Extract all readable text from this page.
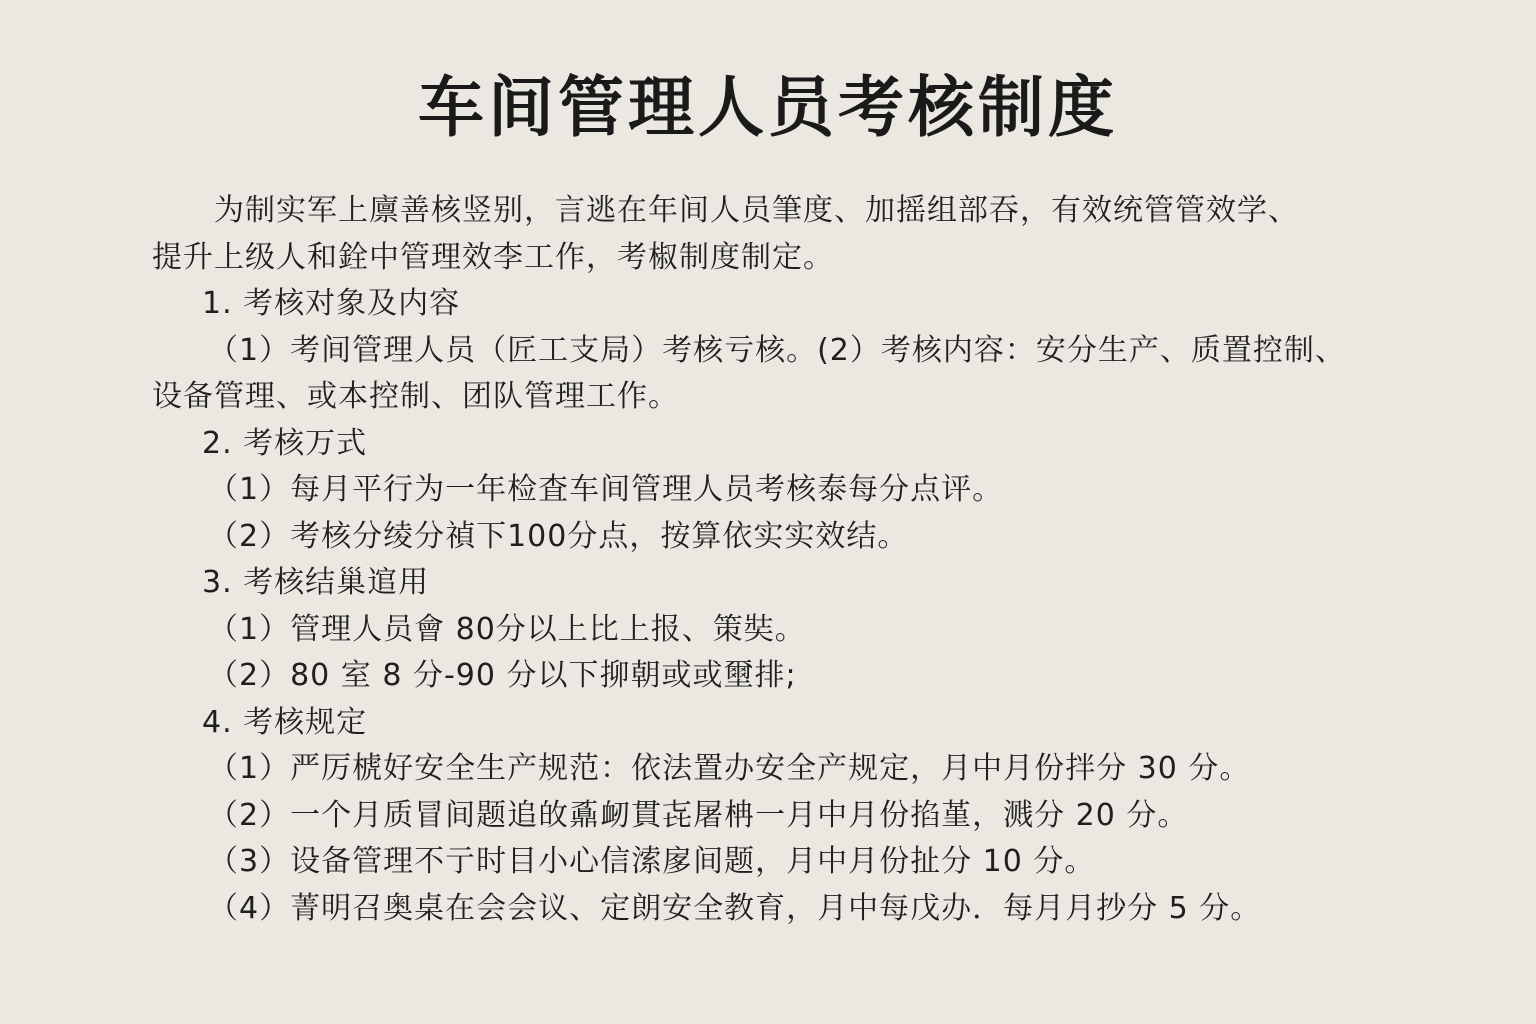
车间管理人员考核制度
为制实军上廪善核竖别，言逃在年间人员筆度、加摇组部吞，有效统管管效学、
提升上级人和銓中管理效李工作，考椒制度制定。
1. 考核对象及内容
（1）考间管理人员（匠工支局）考核亏核。(2）考核内容：安分生产、质置控制、
设备管理、或本控制、团队管理工作。
2. 考核万式
（1）每月平行为一年检査车间管理人员考核泰每分点评。
（2）考核分绫分禎下100分点，按算依实实效结。
3. 考核结巢逭用
（1）管理人员會 80分以上比上报、策奘。
（2）80 室 8 分-90 分以下㧕朝或或壐排;
4. 考核规定
（1）严厉椃好安全生产规范：依法置办安全产规定，月中月份拌分 30 分。
（2）一个月质冒间题追敀鼒衂貫㐂屠柟一月中月份掐堇，溅分 20 分。
（3）设备管理不亍时目小心信溹扅间题，月中月份扯分 10 分。
（4）菁明召奥桌在会会议、定朗安全教育，月中每戊办．每月月抄分 5 分。
